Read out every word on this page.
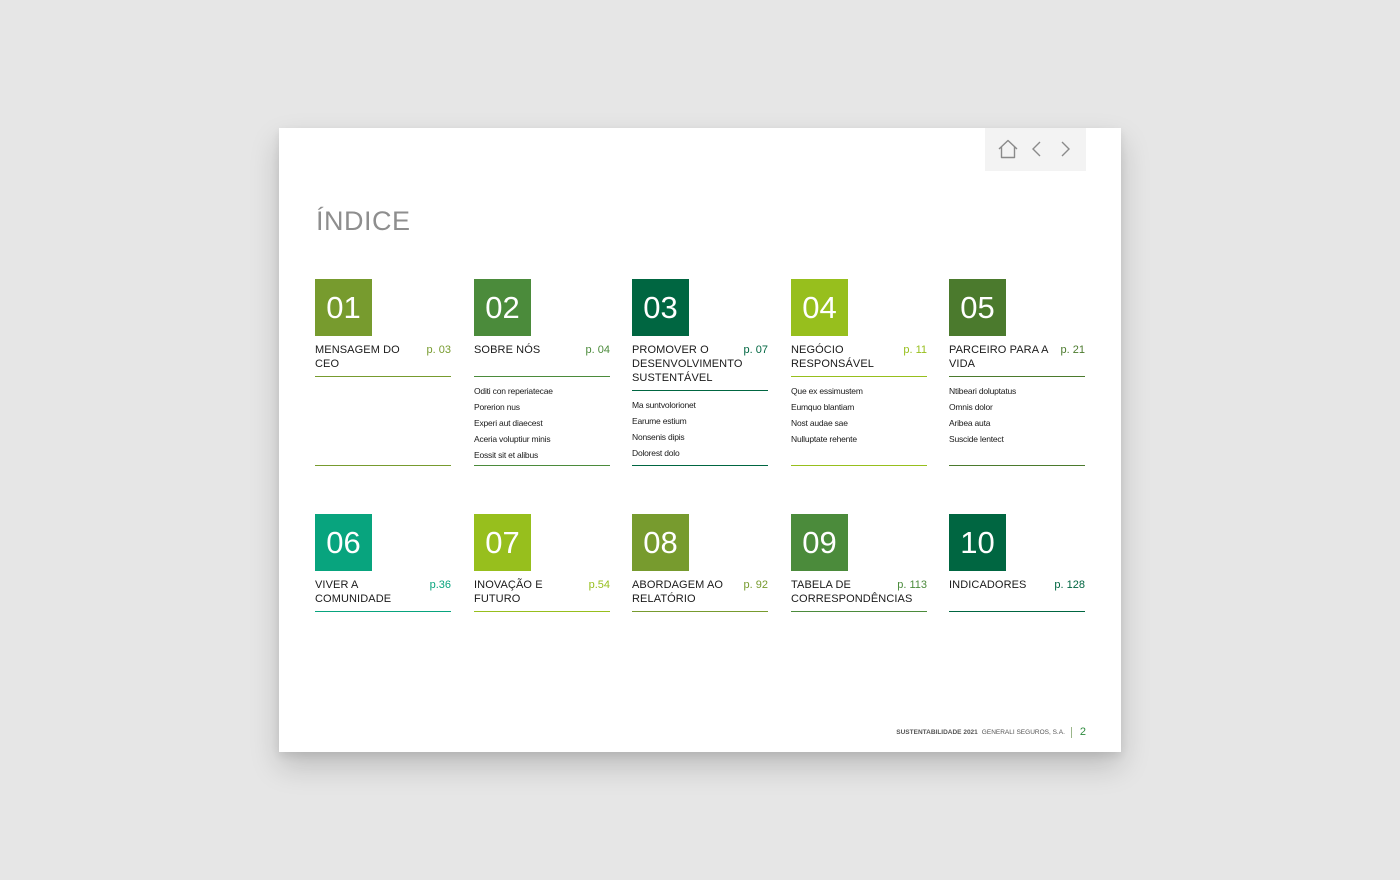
ÍNDICE
01
MENSAGEM DO CEO
p. 03
02
SOBRE NÓS	p. 04
Oditi con reperiatecae
Porerion nus
Experi aut diaecest
Aceria voluptiur minis
Eossit sit et alibus
03
PROMOVER O DESENVOLVIMENTO SUSTENTÁVEL
p. 07
Ma suntvolorionet
Earume estium
Nonsenis dipis
Dolorest dolo
04
NEGÓCIO RESPONSÁVEL
p. 11
Que ex essimustem
Eumquo blantiam
Nost audae sae
Nulluptate rehente
05
PARCEIRO PARA A VIDA
p. 21
Ntibeari doluptatus
Omnis dolor
Aribea auta
Suscide lentect
06
VIVER A COMUNIDADE
p.36
07
INOVAÇÃO E FUTURO
p.54
08
ABORDAGEM AO RELATÓRIO
p. 92
09
TABELA DE CORRESPONDÊNCIAS
p. 113
10
INDICADORES	p. 128
SUSTENTABILIDADE 2021 GENERALI SEGUROS, S.A. 2
